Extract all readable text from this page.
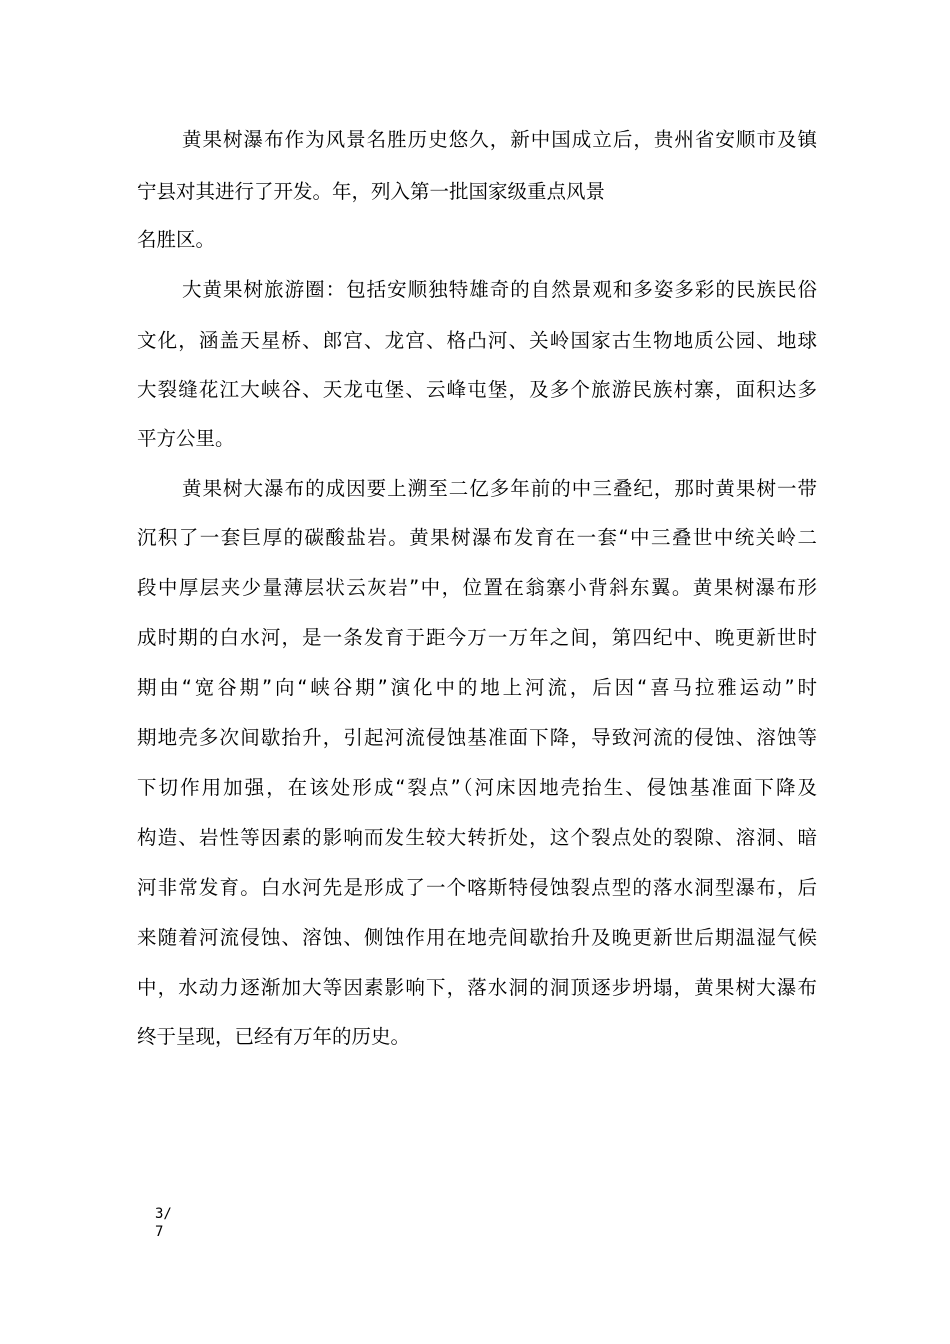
黄果树瀑布作为风景名胜历史悠久，新中国成立后，贵州省安顺市及镇

宁县对其进行了开发。年，列入第一批国家级重点风景

名胜区。

大黄果树旅游圈：包括安顺独特雄奇的自然景观和多姿多彩的民族民俗

文化，涵盖天星桥、郎宫、龙宫、格凸河、关岭国家古生物地质公园、地球

大裂缝花江大峡谷、天龙屯堡、云峰屯堡，及多个旅游民族村寨，面积达多

平方公里。

黄果树大瀑布的成因要上溯至二亿多年前的中三叠纪，那时黄果树一带

沉积了一套巨厚的碳酸盐岩。黄果树瀑布发育在一套“中三叠世中统关岭二

段中厚层夹少量薄层状云灰岩”中，位置在翁寨小背斜东翼。黄果树瀑布形

成时期的白水河，是一条发育于距今万一万年之间，第四纪中、晚更新世时

期由“宽谷期”向“峡谷期”演化中的地上河流，后因“喜马拉雅运动”时

期地壳多次间歇抬升，引起河流侵蚀基准面下降，导致河流的侵蚀、溶蚀等

下切作用加强，在该处形成“裂点”（河床因地壳抬生、侵蚀基准面下降及

构造、岩性等因素的影响而发生较大转折处，这个裂点处的裂隙、溶洞、暗

河非常发育。白水河先是形成了一个喀斯特侵蚀裂点型的落水洞型瀑布，后

来随着河流侵蚀、溶蚀、侧蚀作用在地壳间歇抬升及晚更新世后期温湿气候

中，水动力逐渐加大等因素影响下，落水洞的洞顶逐步坍塌，黄果树大瀑布

终于呈现，已经有万年的历史。

3/
7
